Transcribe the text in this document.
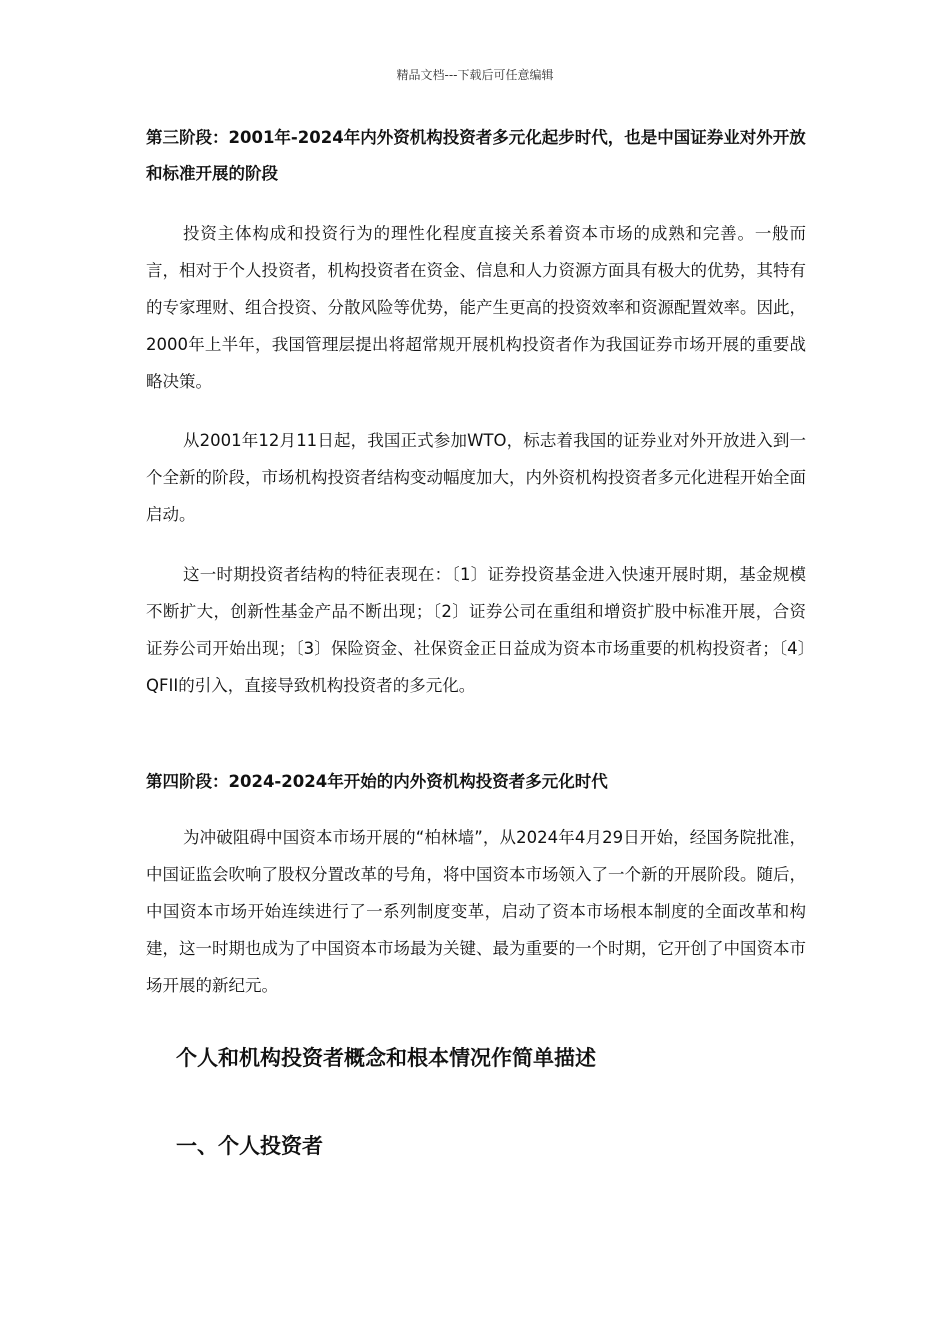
精品文档---下载后可任意编辑
第三阶段：2001年-2024年内外资机构投资者多元化起步时代，也是中国证券业对外开放和标准开展的阶段
投资主体构成和投资行为的理性化程度直接关系着资本市场的成熟和完善。一般而言，相对于个人投资者，机构投资者在资金、信息和人力资源方面具有极大的优势，其特有的专家理财、组合投资、分散风险等优势，能产生更高的投资效率和资源配置效率。因此，2000年上半年，我国管理层提出将超常规开展机构投资者作为我国证券市场开展的重要战略决策。
从2001年12月11日起，我国正式参加WTO，标志着我国的证券业对外开放进入到一个全新的阶段，市场机构投资者结构变动幅度加大，内外资机构投资者多元化进程开始全面启动。
这一时期投资者结构的特征表现在：〔1〕证券投资基金进入快速开展时期，基金规模不断扩大，创新性基金产品不断出现；〔2〕证券公司在重组和增资扩股中标准开展，合资证券公司开始出现；〔3〕保险资金、社保资金正日益成为资本市场重要的机构投资者；〔4〕QFII的引入，直接导致机构投资者的多元化。
第四阶段：2024-2024年开始的内外资机构投资者多元化时代
为冲破阻碍中国资本市场开展的“柏林墙”，从2024年4月29日开始，经国务院批准，中国证监会吹响了股权分置改革的号角，将中国资本市场领入了一个新的开展阶段。随后，中国资本市场开始连续进行了一系列制度变革，启动了资本市场根本制度的全面改革和构建，这一时期也成为了中国资本市场最为关键、最为重要的一个时期，它开创了中国资本市场开展的新纪元。
个人和机构投资者概念和根本情况作简单描述
一、个人投资者
